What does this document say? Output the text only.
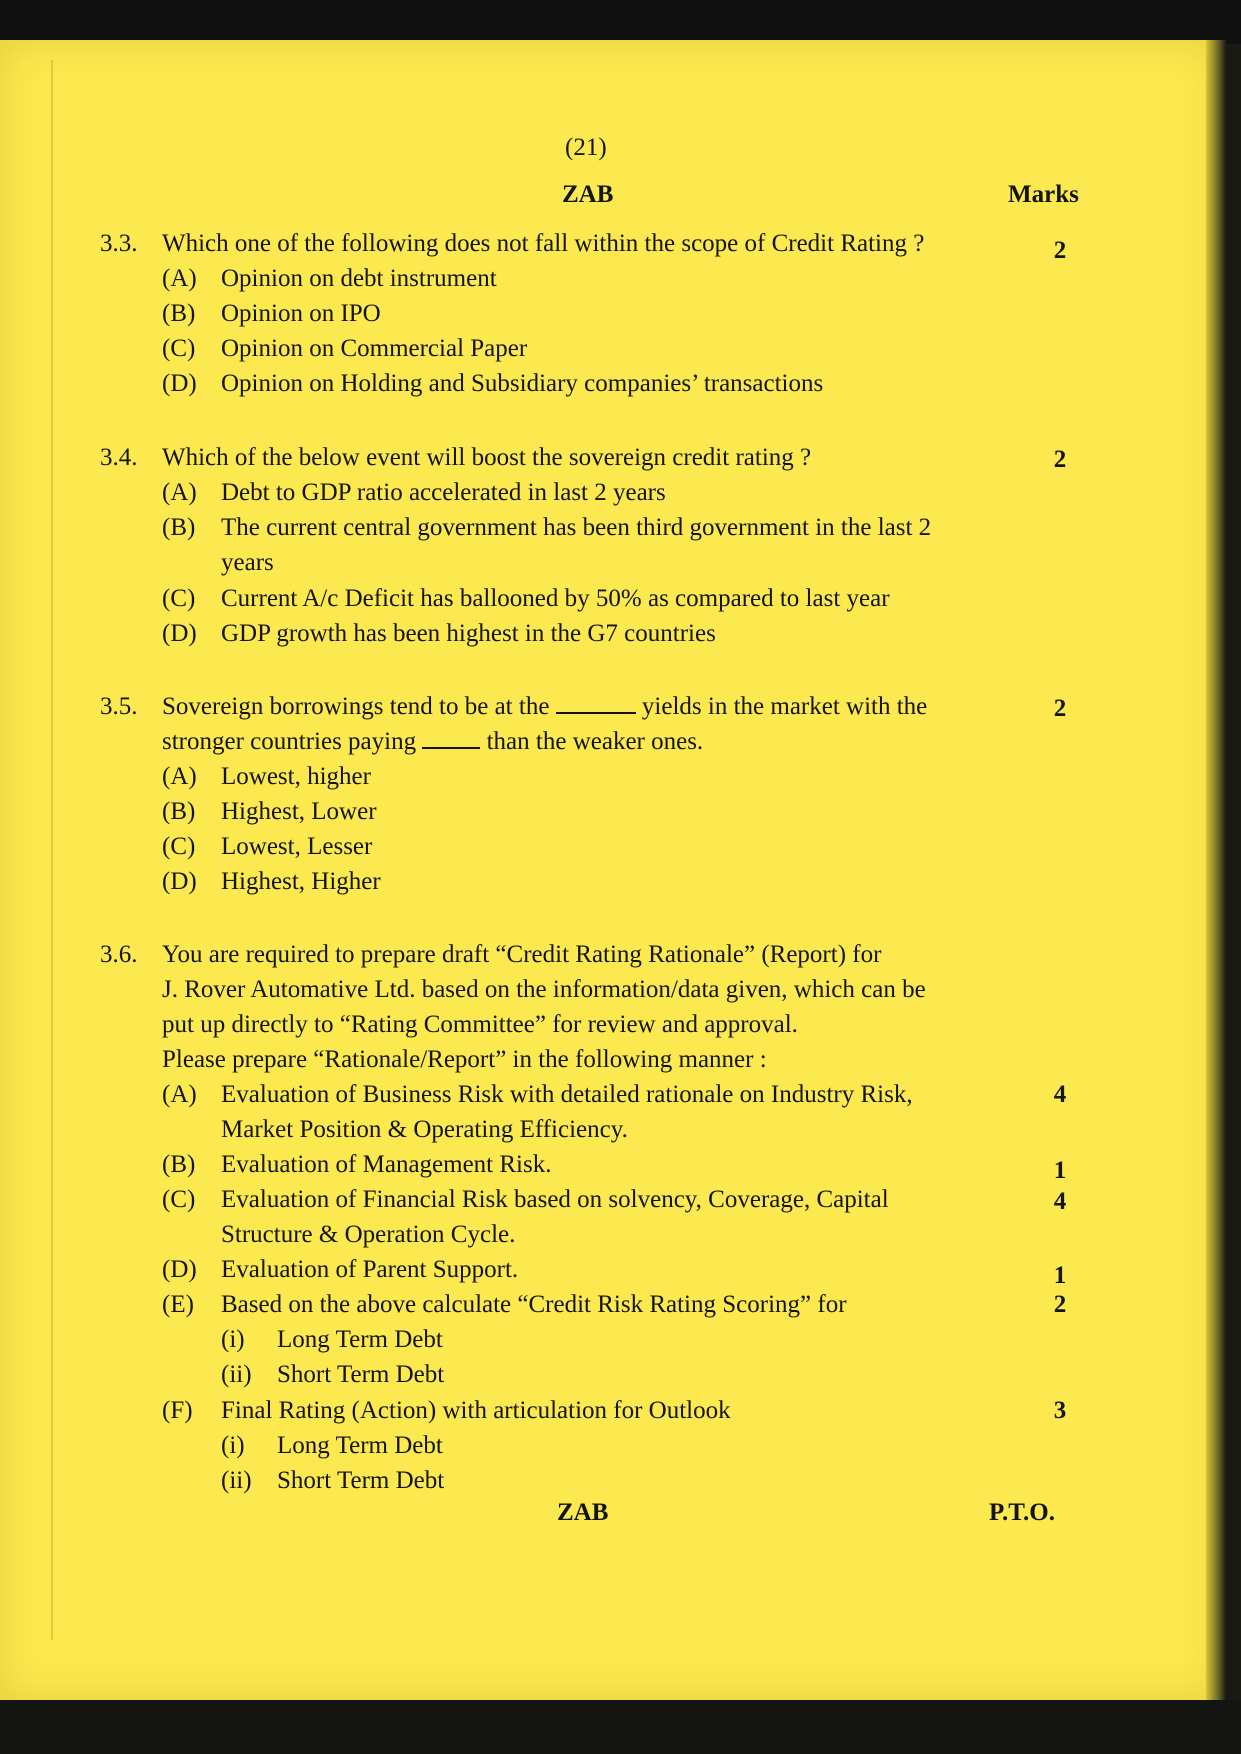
(21)
ZAB	Marks
3.3. Which one of the following does not fall within the scope of Credit Rating ?	2
(A) Opinion on debt instrument
(B) Opinion on IPO
(C) Opinion on Commercial Paper
(D) Opinion on Holding and Subsidiary companies’ transactions
3.4. Which of the below event will boost the sovereign credit rating ?	2
(A) Debt to GDP ratio accelerated in last 2 years
(B) The current central government has been third government in the last 2
years
(C) Current A/c Deficit has ballooned by 50% as compared to last year
(D) GDP growth has been highest in the G7 countries
3.5. Sovereign borrowings tend to be at the	yields in the market with the	2
stronger countries paying	than the weaker ones.
(A) Lowest, higher
(B) Highest, Lower
(C) Lowest, Lesser
(D) Highest, Higher
3.6. You are required to prepare draft “Credit Rating Rationale” (Report) for
J. Rover Automative Ltd. based on the information/data given, which can be
put up directly to “Rating Committee” for review and approval.
Please prepare “Rationale/Report” in the following manner :
(A) Evaluation of Business Risk with detailed rationale on Industry Risk,	4
Market Position & Operating Efficiency.
(B) Evaluation of Management Risk.	1
(C) Evaluation of Financial Risk based on solvency, Coverage, Capital	4
Structure & Operation Cycle.
(D) Evaluation of Parent Support.	1
(E) Based on the above calculate “Credit Risk Rating Scoring” for	2
(i) Long Term Debt
(ii) Short Term Debt
(F) Final Rating (Action) with articulation for Outlook	3
(i) Long Term Debt
(ii) Short Term Debt
ZAB	P.T.O.
